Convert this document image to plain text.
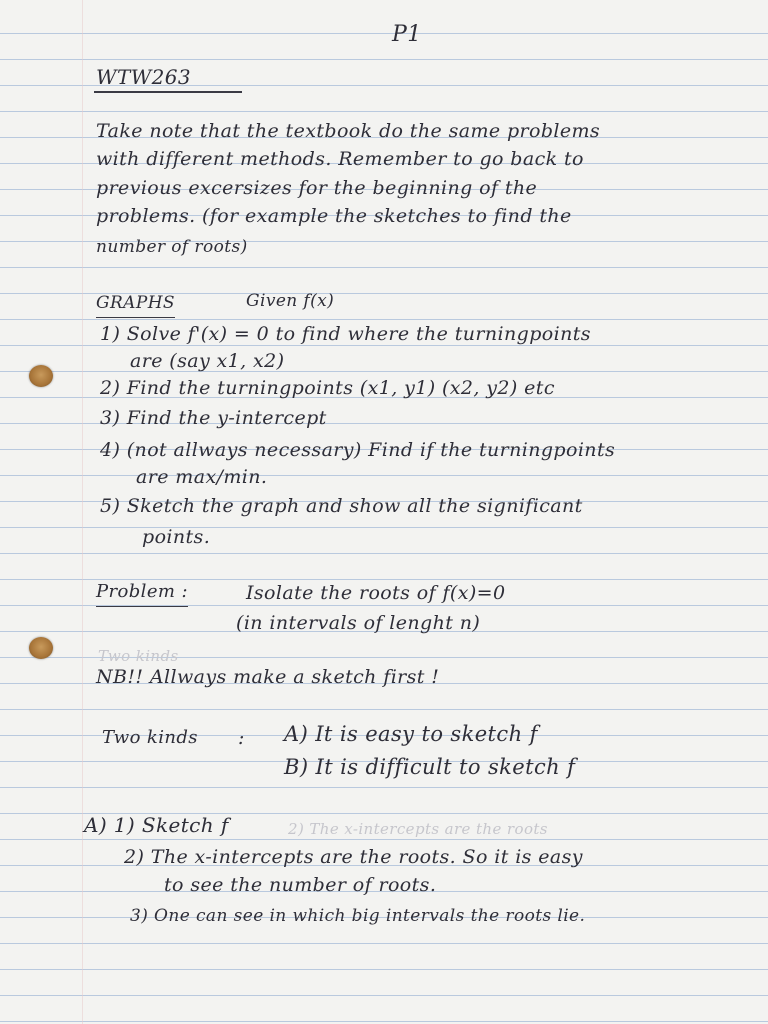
P1

WTW263

Take note that the textbook do the same problems

with different methods. Remember to go back to

previous excersizes for the beginning of the

problems. (for example the sketches to find the

number of roots)

GRAPHS	Given f(x)

1) Solve f'(x) = 0 to find where the turningpoints

are (say x1, x2)

2) Find the turningpoints (x1, y1) (x2, y2) etc

3) Find the y-intercept

4) (not allways necessary) Find if the turningpoints

are max/min.

5) Sketch the graph and show all the significant

points.

Problem :	Isolate the roots of f(x)=0

(in intervals of lenght n)

Two kinds

NB!! Allways make a sketch first !

Two kinds : A) It is easy to sketch f

B) It is difficult to sketch f

A) 1) Sketch f	2) The x-intercepts are the roots

2) The x-intercepts are the roots. So it is easy

to see the number of roots.

3) One can see in which big intervals the roots lie.
